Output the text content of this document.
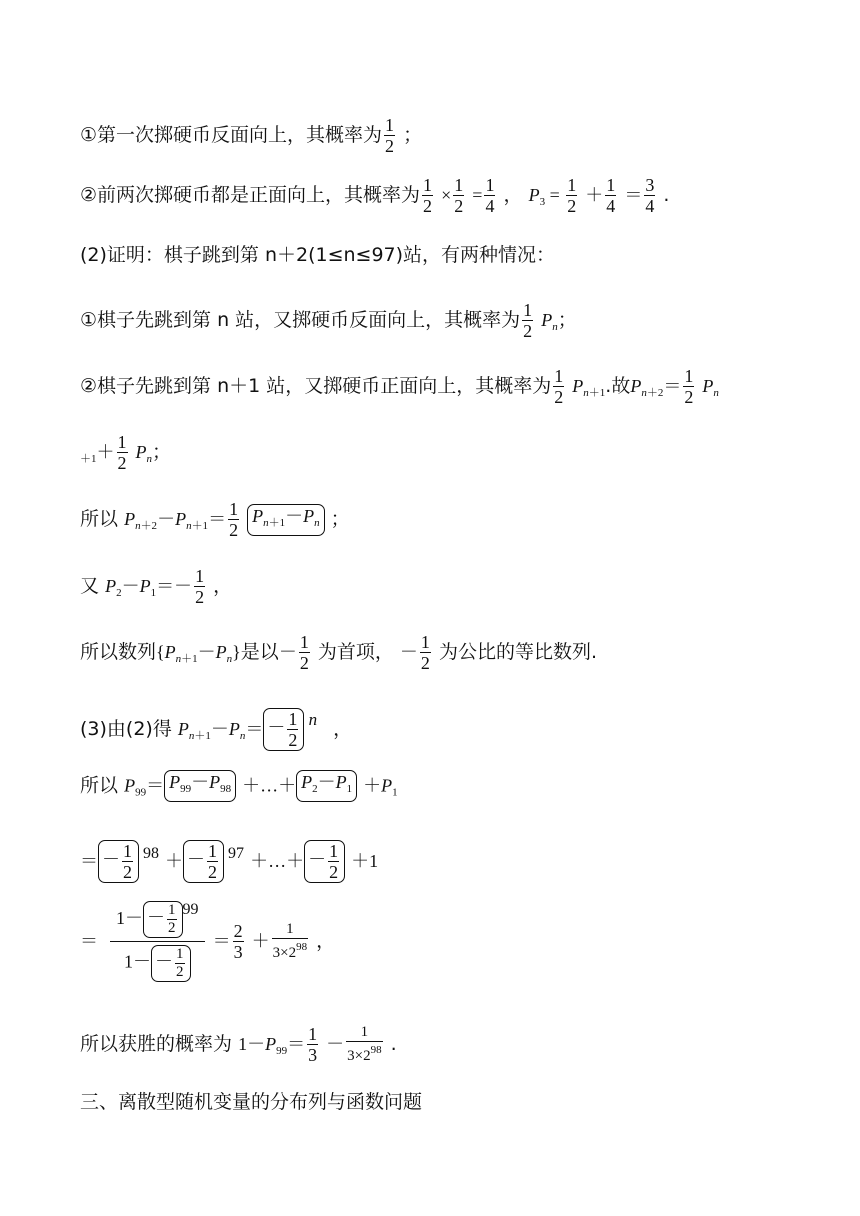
①第一次掷硬币反面向上，其概率为 $\frac{1}{2}$ ；
②前两次掷硬币都是正面向上，其概率为 $\frac{1}{2} \times \frac{1}{2} = \frac{1}{4}$ ， $P_3 = \frac{1}{2} + \frac{1}{4} = \frac{3}{4}$ .
(2)证明：棋子跳到第 n＋2(1≤n≤97)站，有两种情况：
①棋子先跳到第 n 站，又掷硬币反面向上，其概率为 $\frac{1}{2} P_n$；
②棋子先跳到第 n＋1 站，又掷硬币正面向上，其概率为 $\frac{1}{2} P_{n+1}$.故$P_{n+2}= \frac{1}{2} P_n$
$_{+1}+ \frac{1}{2} P_n$；
所以 $P_{n+2}-P_{n+1}= \frac{1}{2} P_{n+1}-P_n$ ；
又 $P_2-P_1=- \frac{1}{2}$ ，
所以数列$\{P_{n+1}-P_n\}$是以－ $\frac{1}{2}$ 为首项， － $\frac{1}{2}$ 为公比的等比数列.
(3)由(2)得 $P_{n+1}-P_n= - \frac{1}{2}$ n ，
所以 $P_{99}= P_{99}-P_{98}$ ＋…＋ $P_2-P_1 +P_1$
＝ － $\frac{1}{2} ^{98}$ ＋ － $\frac{1}{2} ^{97}$ ＋…＋ － $\frac{1}{2} +1$
＝ $\frac{1- - \frac{1}{2} 99}{1- - \frac{1}{2}} = \frac{2}{3} + \frac{1}{3\times 2^{98}}$ ，
所以获胜的概率为 $1-P_{99}= \frac{1}{3} - \frac{1}{3\times 2^{98}}$ .
三、离散型随机变量的分布列与函数问题
